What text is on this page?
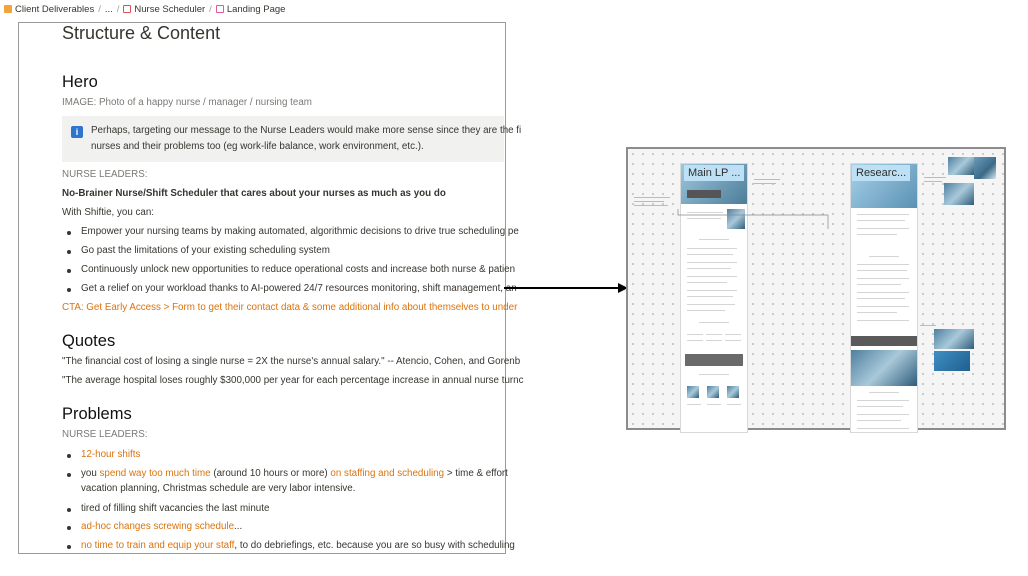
Client Deliverables / ... / Nurse Scheduler / Landing Page
Structure & Content
Hero
IMAGE: Photo of a happy nurse / manager / nursing team
i	Perhaps, targeting our message to the Nurse Leaders would make more sense since they are the fi
nurses and their problems too (eg work-life balance, work environment, etc.).
NURSE LEADERS:
No-Brainer Nurse/Shift Scheduler that cares about your nurses as much as you do
With Shiftie, you can:
Empower your nursing teams by making automated, algorithmic decisions to drive true scheduling pe
Go past the limitations of your existing scheduling system
Continuously unlock new opportunities to reduce operational costs and increase both nurse & patien
Get a relief on your workload thanks to AI-powered 24/7 resources monitoring, shift management, an
CTA: Get Early Access > Form to get their contact data & some additional info about themselves to under
Quotes
"The financial cost of losing a single nurse = 2X the nurse's annual salary." -- Atencio, Cohen, and Gorenb
"The average hospital loses roughly $300,000 per year for each percentage increase in annual nurse turnc
Problems
NURSE LEADERS:
12-hour shifts
you spend way too much time (around 10 hours or more) on staffing and scheduling > time & effort
vacation planning, Christmas schedule are very labor intensive.
tired of filling shift vacancies the last minute
ad-hoc changes screwing schedule...
no time to train and equip your staff, to do debriefings, etc. because you are so busy with scheduling
Main LP ...	Researc...
